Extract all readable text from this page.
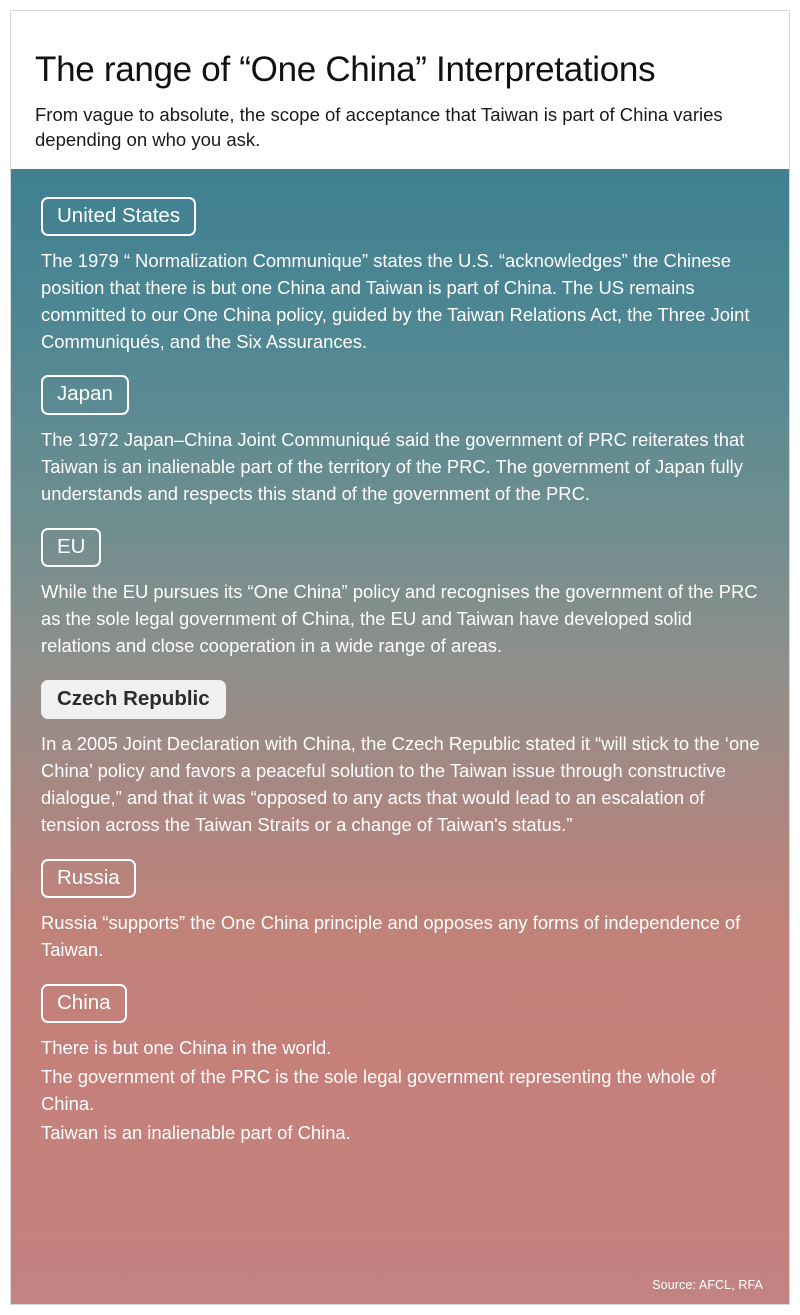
The range of “One China” Interpretations

From vague to absolute, the scope of acceptance that Taiwan is part of China varies depending on who you ask.

United States

The 1979 “ Normalization Communique” states the U.S. “acknowledges” the Chinese position that there is but one China and Taiwan is part of China. The US remains committed to our One China policy, guided by the Taiwan Relations Act, the Three Joint Communiqués, and the Six Assurances.

Japan

The 1972 Japan–China Joint Communiqué said the government of PRC reiterates that Taiwan is an inalienable part of the territory of the PRC. The government of Japan fully understands and respects this stand of the government of the PRC.

EU

While the EU pursues its “One China” policy and recognises the government of the PRC as the sole legal government of China, the EU and Taiwan have developed solid relations and close cooperation in a wide range of areas.

Czech Republic

In a 2005 Joint Declaration with China, the Czech Republic stated it “will stick to the ‘one China’ policy and favors a peaceful solution to the Taiwan issue through constructive dialogue,” and that it was “opposed to any acts that would lead to an escalation of tension across the Taiwan Straits or a change of Taiwan's status.”

Russia

Russia “supports” the One China principle and opposes any forms of independence of Taiwan.

China

There is but one China in the world.

The government of the PRC is the sole legal government representing the whole of China.

Taiwan is an inalienable part of China.

Source: AFCL, RFA
